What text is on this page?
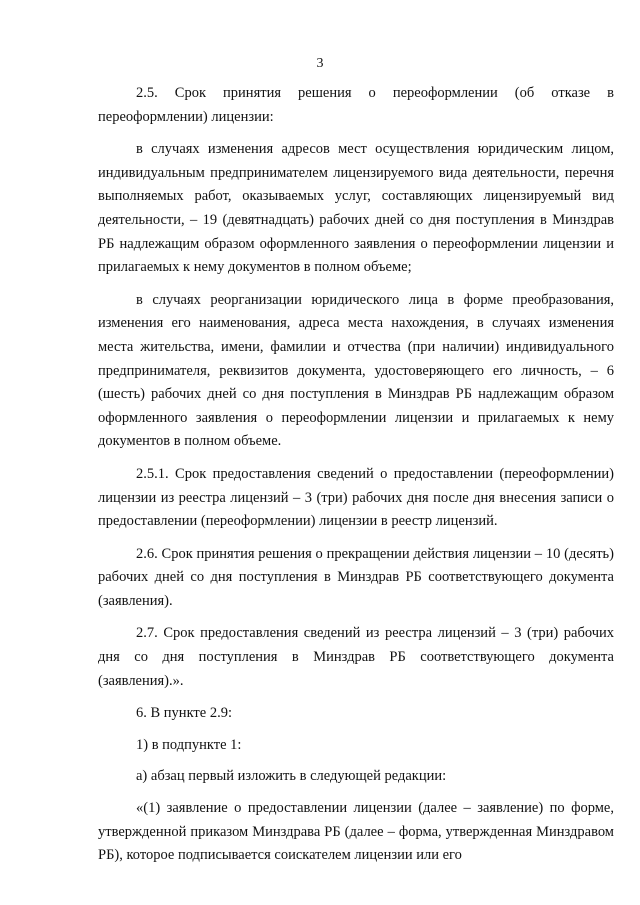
3

2.5. Срок принятия решения о переоформлении (об отказе в переоформлении) лицензии:

в случаях изменения адресов мест осуществления юридическим лицом, индивидуальным предпринимателем лицензируемого вида деятельности, перечня выполняемых работ, оказываемых услуг, составляющих лицензируемый вид деятельности, – 19 (девятнадцать) рабочих дней со дня поступления в Минздрав РБ надлежащим образом оформленного заявления о переоформлении лицензии и прилагаемых к нему документов в полном объеме;

в случаях реорганизации юридического лица в форме преобразования, изменения его наименования, адреса места нахождения, в случаях изменения места жительства, имени, фамилии и отчества (при наличии) индивидуального предпринимателя, реквизитов документа, удостоверяющего его личность, – 6 (шесть) рабочих дней со дня поступления в Минздрав РБ надлежащим образом оформленного заявления о переоформлении лицензии и прилагаемых к нему документов в полном объеме.

2.5.1. Срок предоставления сведений о предоставлении (переоформлении) лицензии из реестра лицензий – 3 (три) рабочих дня после дня внесения записи о предоставлении (переоформлении) лицензии в реестр лицензий.

2.6. Срок принятия решения о прекращении действия лицензии – 10 (десять) рабочих дней со дня поступления в Минздрав РБ соответствующего документа (заявления).

2.7. Срок предоставления сведений из реестра лицензий – 3 (три) рабочих дня со дня поступления в Минздрав РБ соответствующего документа (заявления).».

6. В пункте 2.9:

1) в подпункте 1:

а) абзац первый изложить в следующей редакции:

«(1) заявление о предоставлении лицензии (далее – заявление) по форме, утвержденной приказом Минздрава РБ (далее – форма, утвержденная Минздравом РБ), которое подписывается соискателем лицензии или его
